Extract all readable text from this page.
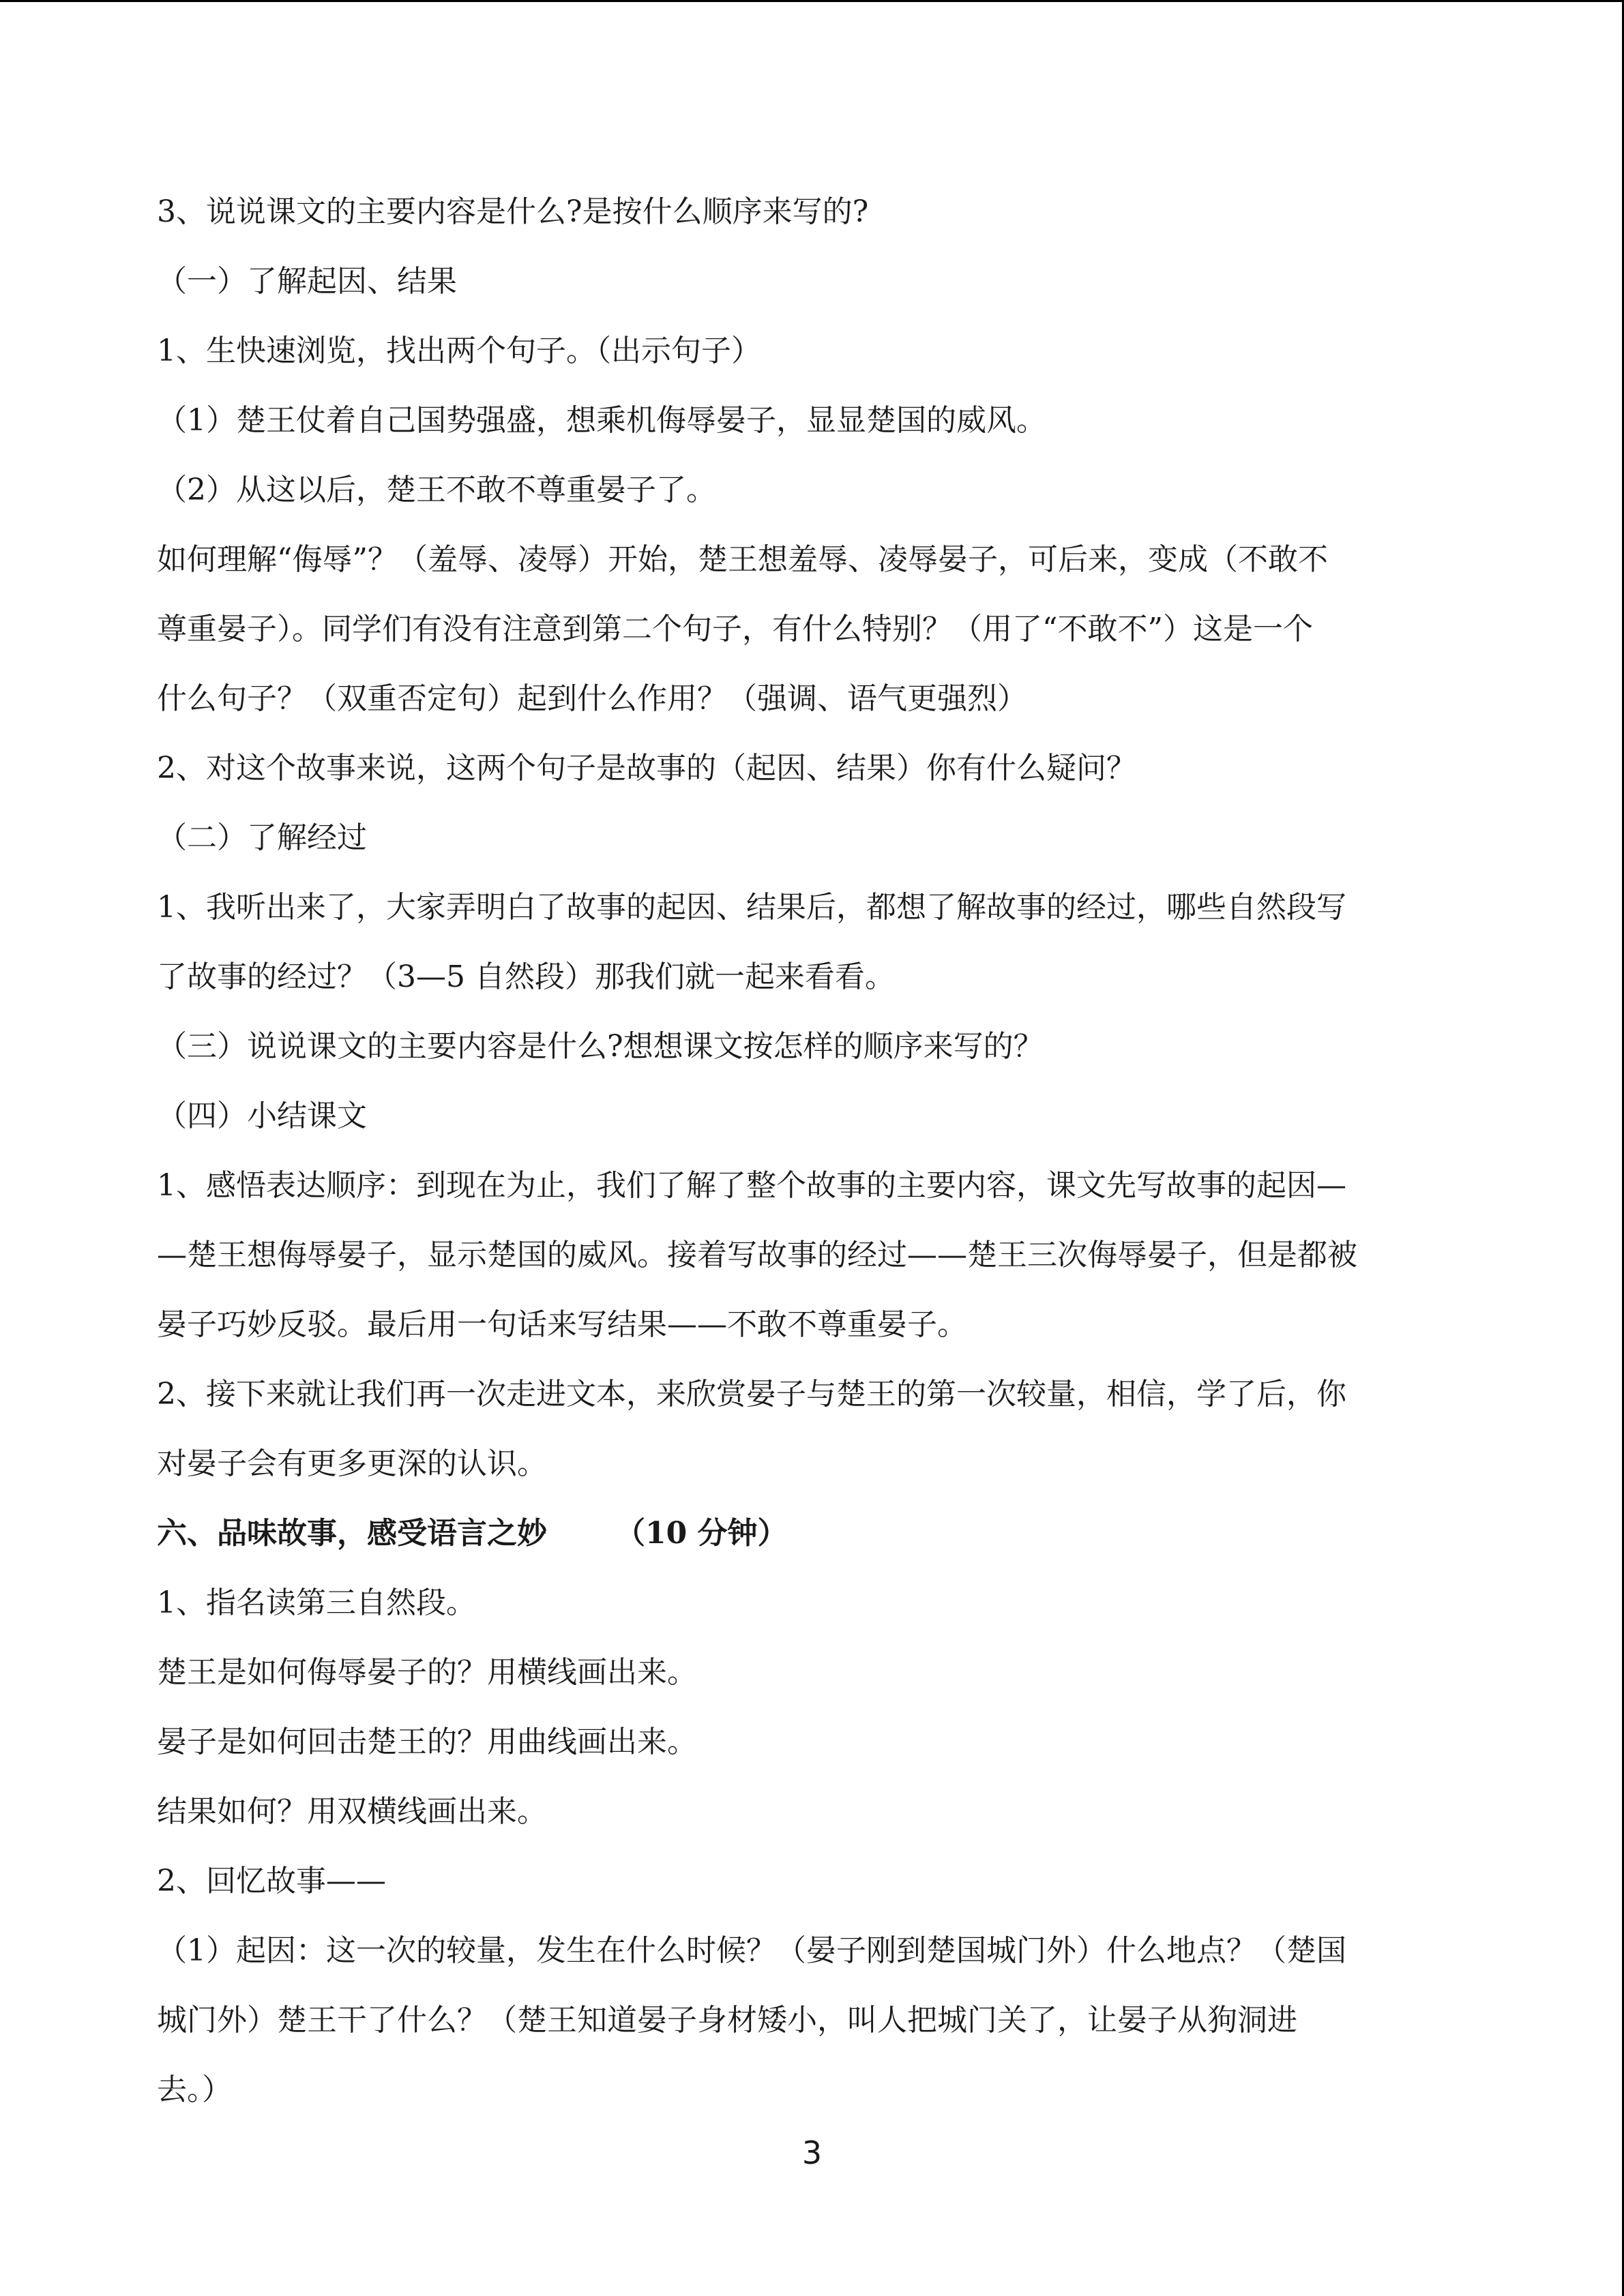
3、说说课文的主要内容是什么?是按什么顺序来写的?
（一）了解起因、结果
1、生快速浏览，找出两个句子。（出示句子）
（1）楚王仗着自己国势强盛，想乘机侮辱晏子，显显楚国的威风。
（2）从这以后，楚王不敢不尊重晏子了。
如何理解“侮辱”？（羞辱、凌辱）开始，楚王想羞辱、凌辱晏子，可后来，变成（不敢不
尊重晏子）。同学们有没有注意到第二个句子，有什么特别？（用了“不敢不”）这是一个
什么句子？（双重否定句）起到什么作用？（强调、语气更强烈）
2、对这个故事来说，这两个句子是故事的（起因、结果）你有什么疑问？
（二）了解经过
1、我听出来了，大家弄明白了故事的起因、结果后，都想了解故事的经过，哪些自然段写
了故事的经过？（3—5 自然段）那我们就一起来看看。
（三）说说课文的主要内容是什么?想想课文按怎样的顺序来写的？
（四）小结课文
1、感悟表达顺序：到现在为止，我们了解了整个故事的主要内容，课文先写故事的起因—
—楚王想侮辱晏子，显示楚国的威风。接着写故事的经过——楚王三次侮辱晏子，但是都被
晏子巧妙反驳。最后用一句话来写结果——不敢不尊重晏子。
2、接下来就让我们再一次走进文本，来欣赏晏子与楚王的第一次较量，相信，学了后，你
对晏子会有更多更深的认识。
六、品味故事，感受语言之妙 （10 分钟）
1、指名读第三自然段。
楚王是如何侮辱晏子的？用横线画出来。
晏子是如何回击楚王的？用曲线画出来。
结果如何？用双横线画出来。
2、回忆故事——
（1）起因：这一次的较量，发生在什么时候？（晏子刚到楚国城门外）什么地点？（楚国
城门外）楚王干了什么？（楚王知道晏子身材矮小，叫人把城门关了，让晏子从狗洞进
去。）
3
